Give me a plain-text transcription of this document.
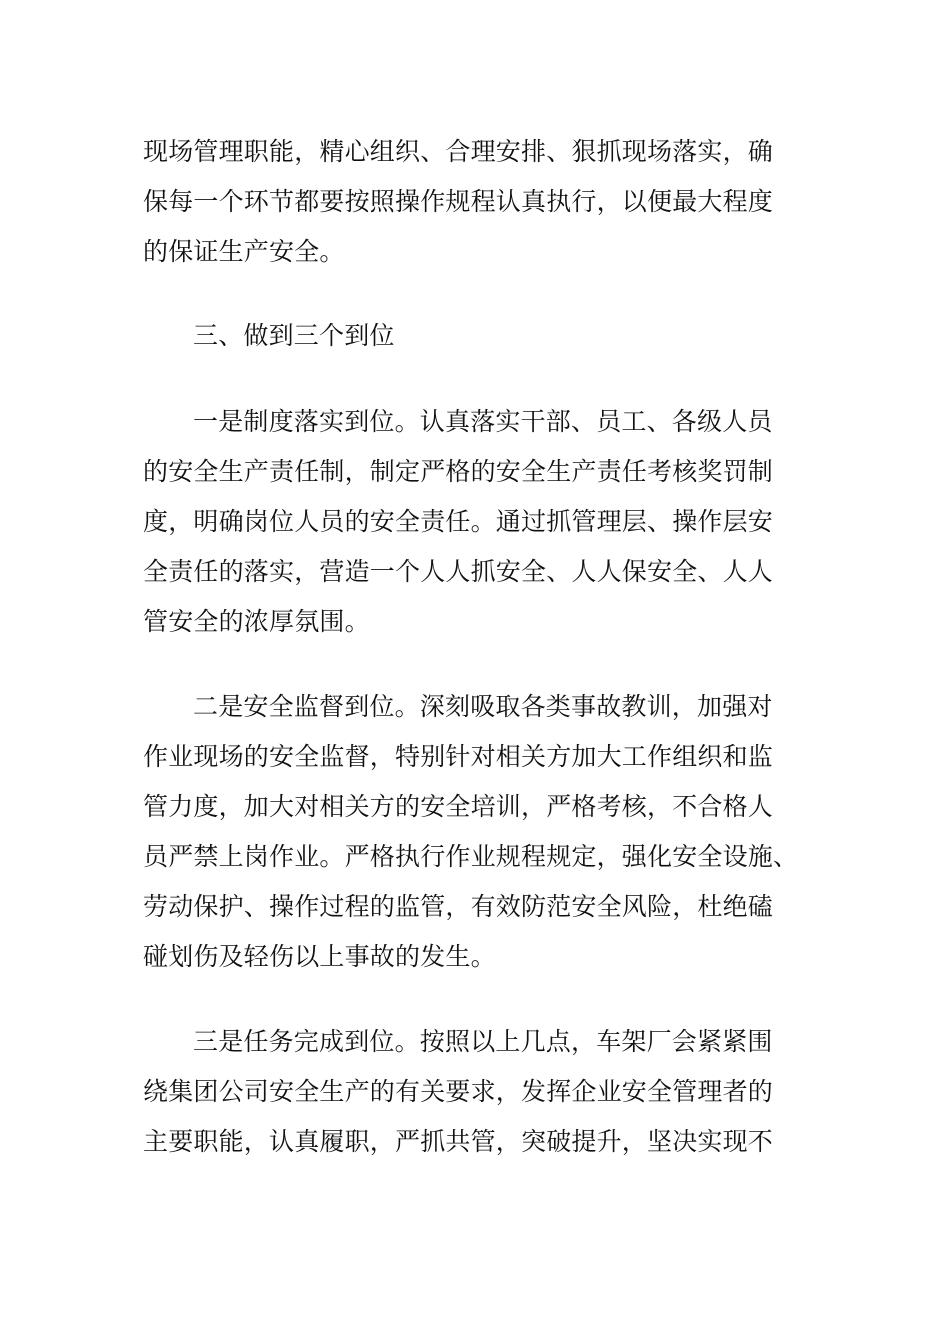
现场管理职能，精心组织、合理安排、狠抓现场落实，确
保每一个环节都要按照操作规程认真执行，以便最大程度
的保证生产安全。
三、做到三个到位
一是制度落实到位。认真落实干部、员工、各级人员
的安全生产责任制，制定严格的安全生产责任考核奖罚制
度，明确岗位人员的安全责任。通过抓管理层、操作层安
全责任的落实，营造一个人人抓安全、人人保安全、人人
管安全的浓厚氛围。
二是安全监督到位。深刻吸取各类事故教训，加强对
作业现场的安全监督，特别针对相关方加大工作组织和监
管力度，加大对相关方的安全培训，严格考核，不合格人
员严禁上岗作业。严格执行作业规程规定，强化安全设施、
劳动保护、操作过程的监管，有效防范安全风险，杜绝磕
碰划伤及轻伤以上事故的发生。
三是任务完成到位。按照以上几点，车架厂会紧紧围
绕集团公司安全生产的有关要求，发挥企业安全管理者的
主要职能，认真履职，严抓共管，突破提升，坚决实现不
